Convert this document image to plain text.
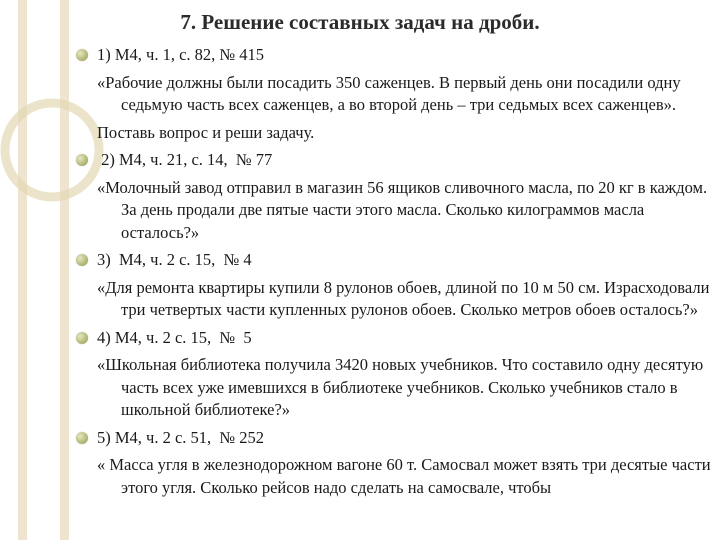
7. Решение составных задач на дроби.
1) М4, ч. 1, с. 82, № 415

«Рабочие должны были посадить 350 саженцев. В первый день они посадили одну седьмую часть всех саженцев, а во второй день – три седьмых всех саженцев».

Поставь вопрос и реши задачу.

2) М4, ч. 21, с. 14,  № 77

«Молочный завод отправил в магазин 56 ящиков сливочного масла, по 20 кг в каждом. За день продали две пятые части этого масла. Сколько килограммов масла осталось?»

3)  М4, ч. 2 с. 15,  № 4

«Для ремонта квартиры купили 8 рулонов обоев, длиной по 10 м 50 см. Израсходовали три четвертых части купленных рулонов обоев. Сколько метров обоев осталось?»

4) М4, ч. 2 с. 15,  №  5

«Школьная библиотека получила 3420 новых учебников. Что составило одну десятую часть всех уже имевшихся в библиотеке учебников. Сколько учебников стало в школьной библиотеке?»

5) М4, ч. 2 с. 51,  № 252

« Масса угля в железнодорожном вагоне 60 т. Самосвал может взять три десятые части этого угля. Сколько рейсов надо сделать на самосвале, чтобы
